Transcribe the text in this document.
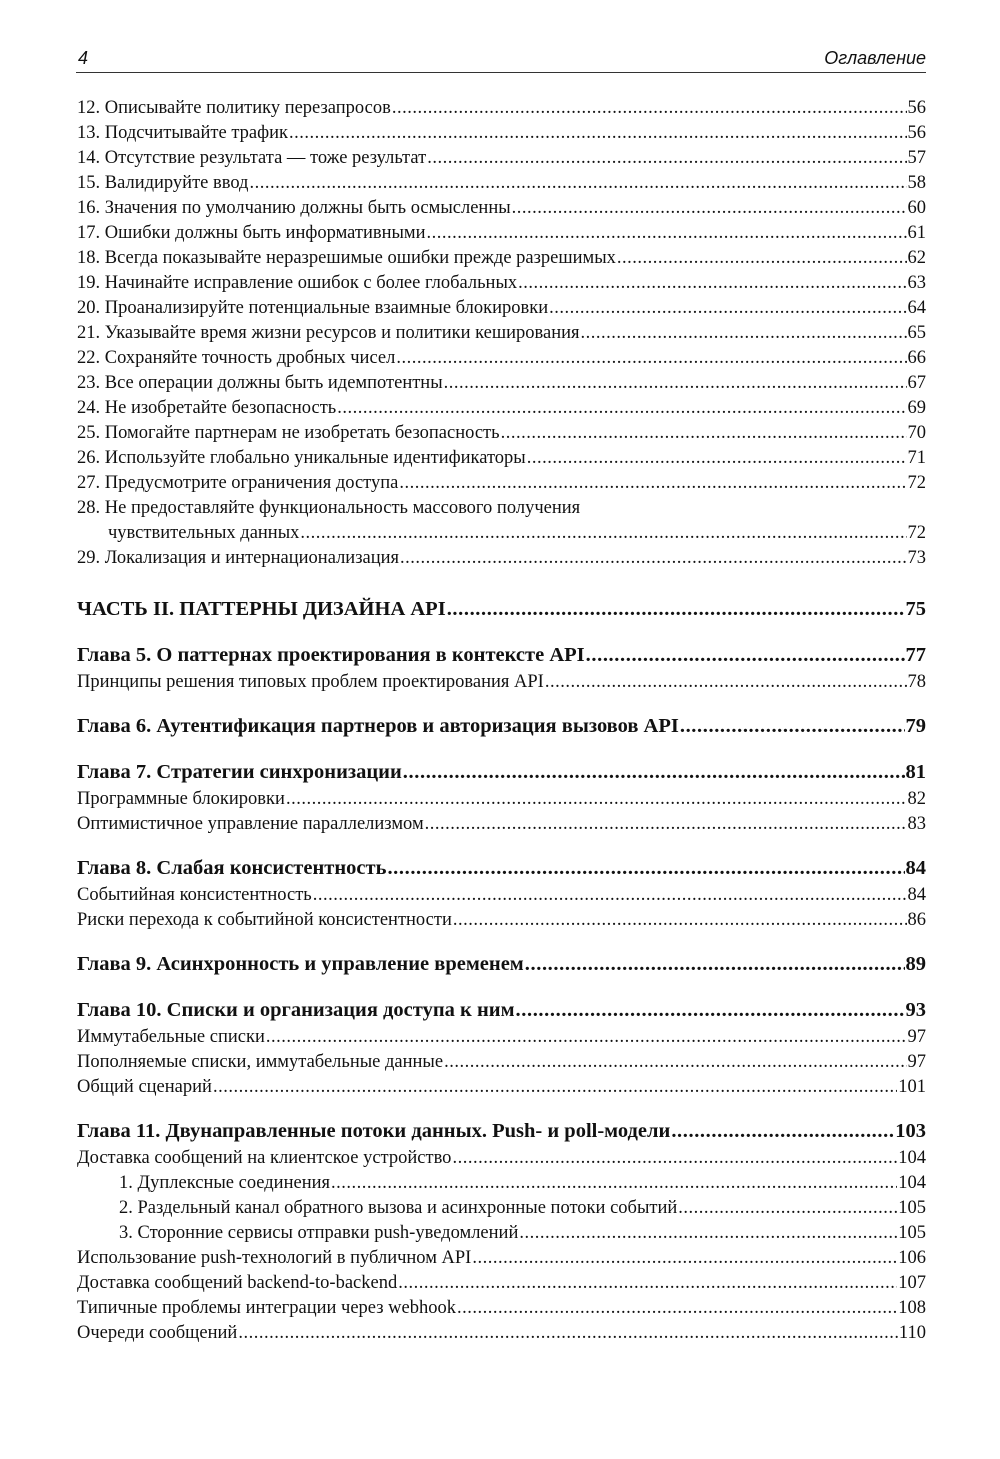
4	Оглавление
12. Описывайте политику перезапросов .....	56
13. Подсчитывайте трафик .....	56
14. Отсутствие результата — тоже результат .....	57
15. Валидируйте ввод .....	58
16. Значения по умолчанию должны быть осмысленны .....	60
17. Ошибки должны быть информативными .....	61
18. Всегда показывайте неразрешимые ошибки прежде разрешимых .....	62
19. Начинайте исправление ошибок с более глобальных .....	63
20. Проанализируйте потенциальные взаимные блокировки .....	64
21. Указывайте время жизни ресурсов и политики кеширования .....	65
22. Сохраняйте точность дробных чисел .....	66
23. Все операции должны быть идемпотентны .....	67
24. Не изобретайте безопасность .....	69
25. Помогайте партнерам не изобретать безопасность .....	70
26. Используйте глобально уникальные идентификаторы .....	71
27. Предусмотрите ограничения доступа .....	72
28. Не предоставляйте функциональность массового получения
чувствительных данных .....	72
29. Локализация и интернационализация .....	73
ЧАСТЬ II. ПАТТЕРНЫ ДИЗАЙНА API .....	75
Глава 5. О паттернах проектирования в контексте API .....	77
Принципы решения типовых проблем проектирования API .....	78
Глава 6. Аутентификация партнеров и авторизация вызовов API .....	79
Глава 7. Стратегии синхронизации .....	81
Программные блокировки .....	82
Оптимистичное управление параллелизмом .....	83
Глава 8. Слабая консистентность .....	84
Событийная консистентность .....	84
Риски перехода к событийной консистентности .....	86
Глава 9. Асинхронность и управление временем .....	89
Глава 10. Списки и организация доступа к ним .....	93
Иммутабельные списки .....	97
Пополняемые списки, иммутабельные данные .....	97
Общий сценарий .....	101
Глава 11. Двунаправленные потоки данных. Push- и poll-модели .....	103
Доставка сообщений на клиентское устройство .....	104
1. Дуплексные соединения .....	104
2. Раздельный канал обратного вызова и асинхронные потоки событий .....	105
3. Сторонние сервисы отправки push-уведомлений .....	105
Использование push-технологий в публичном API .....	106
Доставка сообщений backend-to-backend .....	107
Типичные проблемы интеграции через webhook .....	108
Очереди сообщений .....	110
